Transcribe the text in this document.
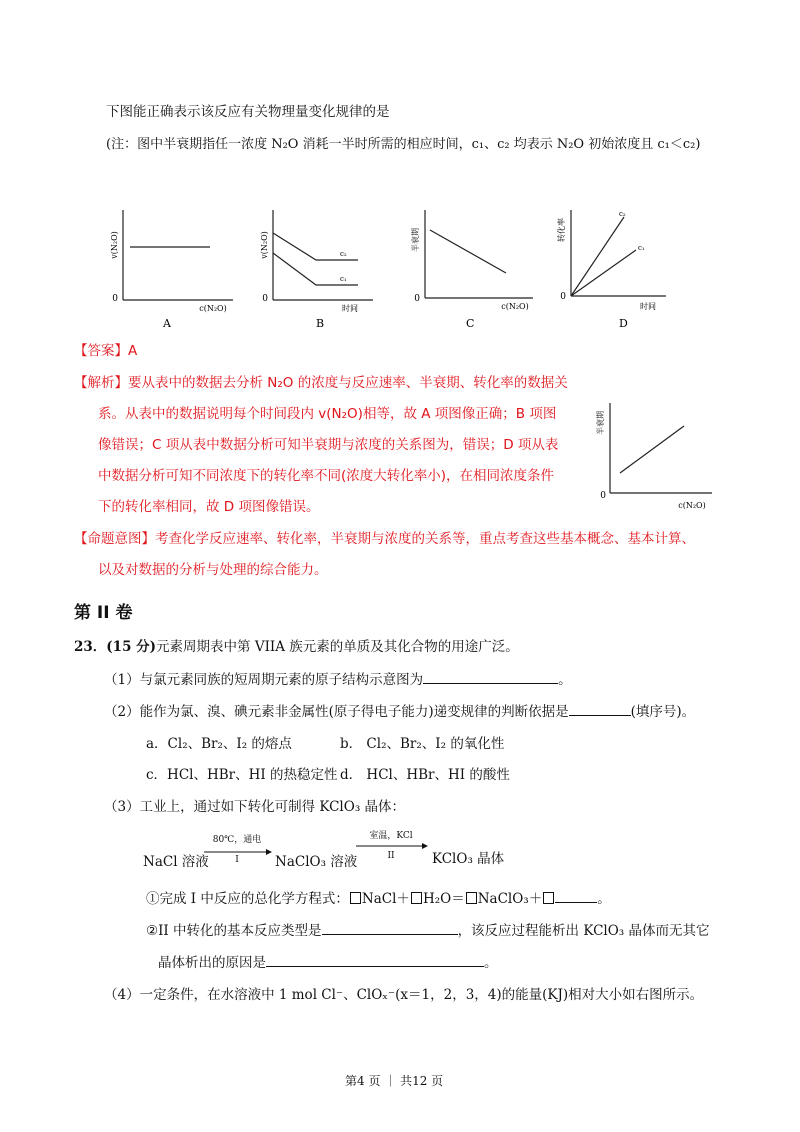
下图能正确表示该反应有关物理量变化规律的是
(注：图中半衰期指任一浓度 N₂O 消耗一半时所需的相应时间，c₁、c₂ 均表示 N₂O 初始浓度且 c₁＜c₂)
v(N₂O)
0
c(N₂O)
A
c₂
c₁
v(N₂O)
0
时间
B
半衰期
0
c(N₂O)
C
c₂
c₁
转化率
0
时间
D
【答案】A
【解析】要从表中的数据去分析 N₂O 的浓度与反应速率、半衰期、转化率的数据关
系。从表中的数据说明每个时间段内 v(N₂O)相等，故 A 项图像正确；B 项图
像错误；C 项从表中数据分析可知半衰期与浓度的关系图为，错误；D 项从表
中数据分析可知不同浓度下的转化率不同(浓度大转化率小)，在相同浓度条件
下的转化率相同，故 D 项图像错误。
半衰期
0
c(N₂O)
【命题意图】考查化学反应速率、转化率，半衰期与浓度的关系等，重点考查这些基本概念、基本计算、
以及对数据的分析与处理的综合能力。
第 II 卷
23．(15 分)元素周期表中第 VIIA 族元素的单质及其化合物的用途广泛。
（1）与氯元素同族的短周期元素的原子结构示意图为	。
（2）能作为氯、溴、碘元素非金属性(原子得电子能力)递变规律的判断依据是	(填序号)。
a．Cl₂、Br₂、I₂ 的熔点	b． Cl₂、Br₂、I₂ 的氧化性
c．HCl、HBr、HI 的热稳定性 d． HCl、HBr、HI 的酸性
（3）工业上，通过如下转化可制得 KClO₃ 晶体：
NaCl 溶液
80℃，通电
I	NaClO₃ 溶液
室温，KCl
II	KClO₃ 晶体
①完成 I 中反应的总化学方程式： NaCl＋ H₂O＝ NaClO₃＋	。
②II 中转化的基本反应类型是	，该反应过程能析出 KClO₃ 晶体而无其它
晶体析出的原因是	。
（4）一定条件，在水溶液中 1 mol Cl⁻、ClOₓ⁻(x＝1，2，3，4)的能量(KJ)相对大小如右图所示。
第4 页 ｜ 共12 页
